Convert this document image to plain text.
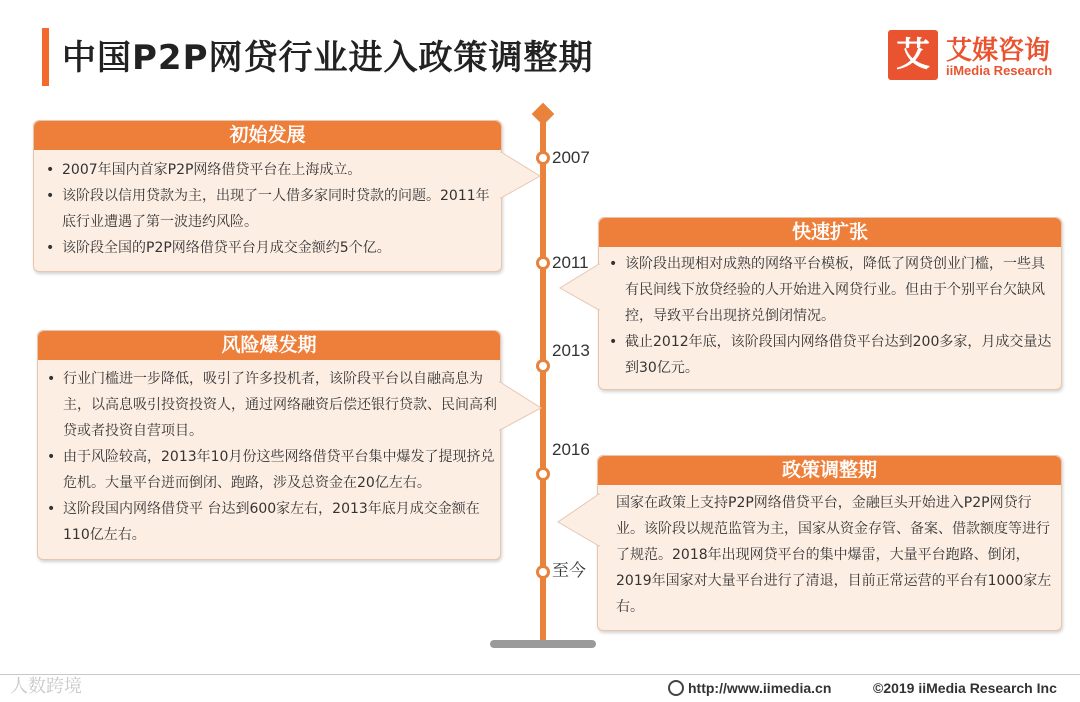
中国P2P网贷行业进入政策调整期	艾 艾媒咨询
iiMedia Research
2007
2011
2013
2016
至今
初始发展
• 2007年国内首家P2P网络借贷平台在上海成立。
• 该阶段以信用贷款为主，出现了一人借多家同时贷款的问题。2011年底行业遭遇了第一波违约风险。
• 该阶段全国的P2P网络借贷平台月成交金额约5个亿。
快速扩张
• 该阶段出现相对成熟的网络平台模板，降低了网贷创业门槛，一些具有民间线下放贷经验的人开始进入网贷行业。但由于个别平台欠缺风控，导致平台出现挤兑倒闭情况。
• 截止2012年底，该阶段国内网络借贷平台达到200多家，月成交量达到30亿元。
风险爆发期
• 行业门槛进一步降低，吸引了许多投机者，该阶段平台以自融高息为主，以高息吸引投资投资人，通过网络融资后偿还银行贷款、民间高利贷或者投资自营项目。
• 由于风险较高，2013年10月份这些网络借贷平台集中爆发了提现挤兑危机。大量平台迸而倒闭、跑路，涉及总资金在20亿左右。
• 这阶段国内网络借贷平 台达到600家左右，2013年底月成交金额在110亿左右。
政策调整期
国家在政策上支持P2P网络借贷平台，金融巨头开始进入P2P网贷行业。该阶段以规范监管为主，国家从资金存管、备案、借款额度等进行了规范。2018年出现网贷平台的集中爆雷，大量平台跑路、倒闭，2019年国家对大量平台进行了清退，目前正常运营的平台有1000家左右。
人数跨境	http://www.iimedia.cn	©2019 iiMedia Research Inc
